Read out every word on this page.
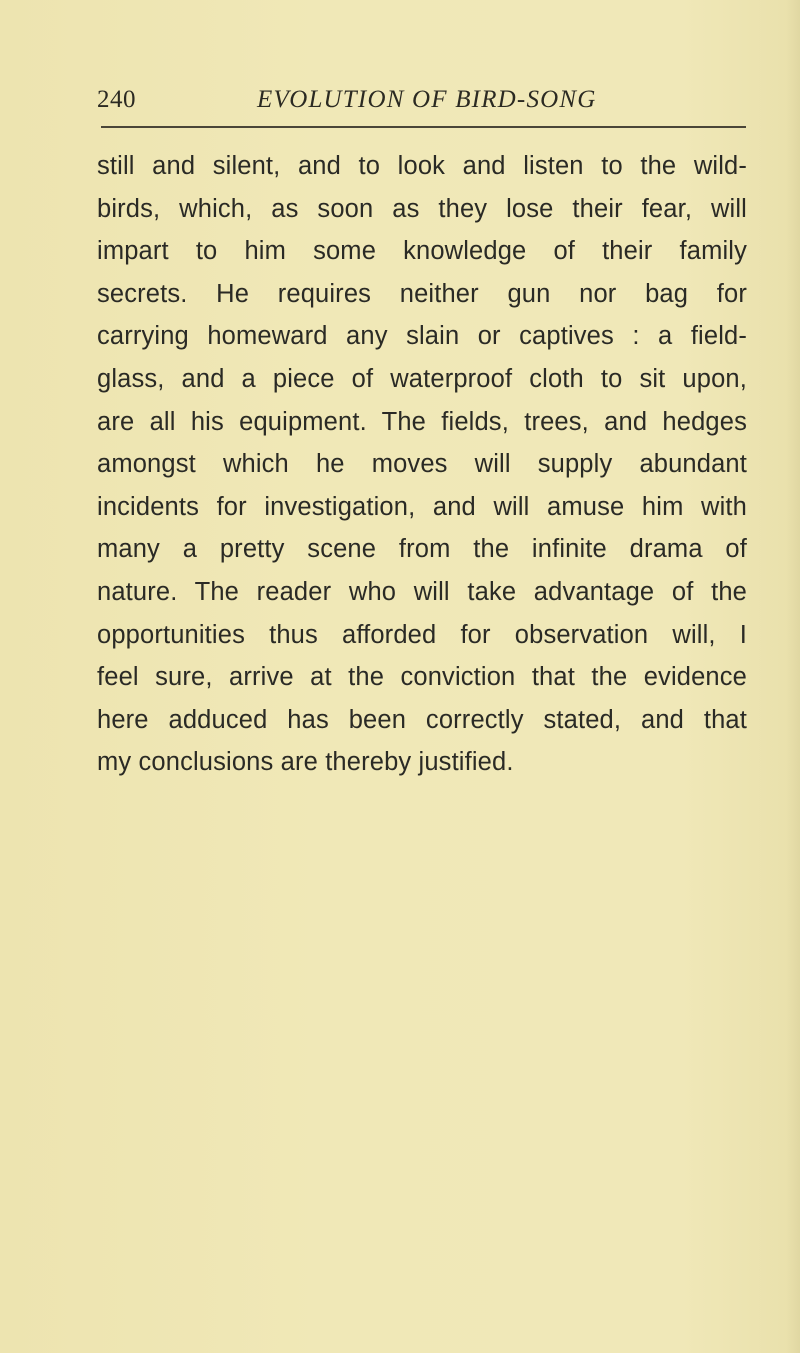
240	EVOLUTION OF BIRD-SONG
still and silent, and to look and listen to the wild-
birds, which, as soon as they lose their fear, will
impart to him some knowledge of their family
secrets. He requires neither gun nor bag for
carrying homeward any slain or captives : a field-
glass, and a piece of waterproof cloth to sit upon,
are all his equipment. The fields, trees, and hedges
amongst which he moves will supply abundant
incidents for investigation, and will amuse him with
many a pretty scene from the infinite drama of
nature. The reader who will take advantage of the
opportunities thus afforded for observation will, I
feel sure, arrive at the conviction that the evidence
here adduced has been correctly stated, and that
my conclusions are thereby justified.
